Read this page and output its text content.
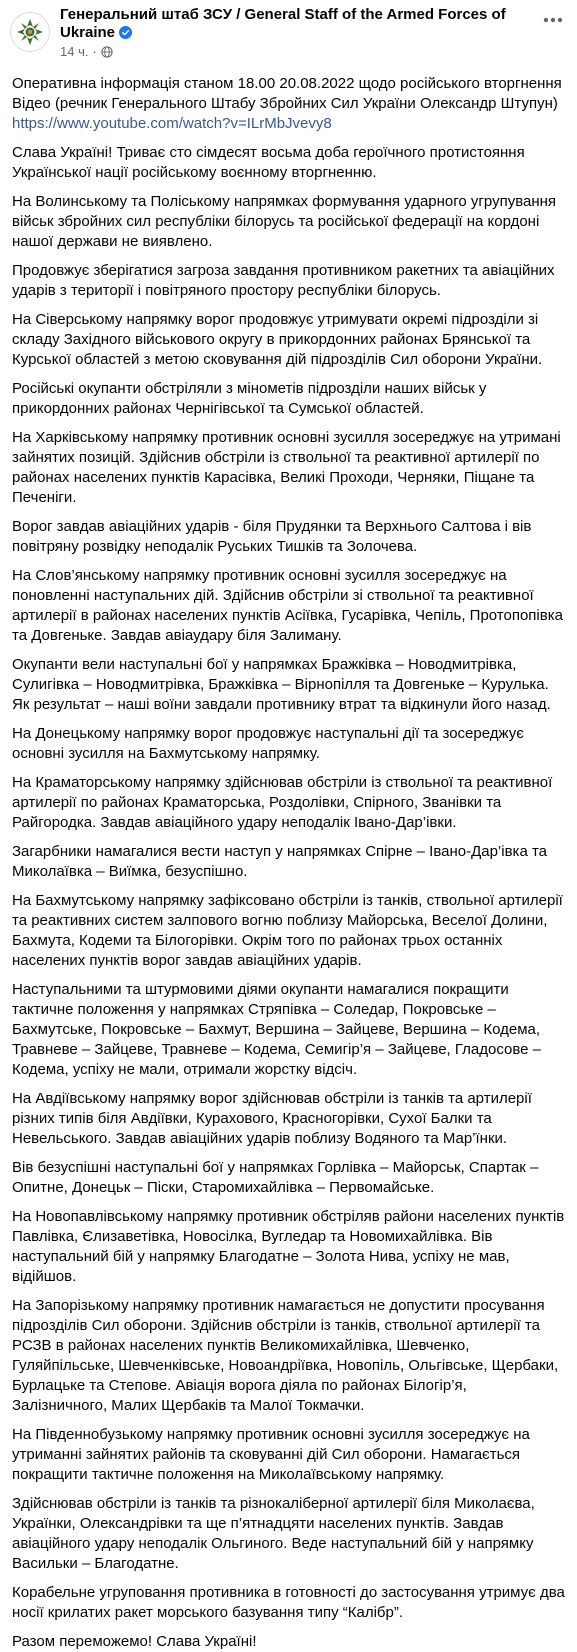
Генеральний штаб ЗСУ / General Staff of the Armed Forces of Ukraine
14 ч. ·

Оперативна інформація станом 18.00 20.08.2022 щодо російського вторгнення
Відео (речник Генерального Штабу Збройних Сил України Олександр Штупун)
https://www.youtube.com/watch?v=ILrMbJvevy8

Слава Україні! Триває сто сімдесят восьма доба героїчного протистояння Української нації російському воєнному вторгненню.

На Волинському та Поліському напрямках формування ударного угрупування військ збройних сил республіки білорусь та російської федерації на кордоні нашої держави не виявлено.

Продовжує зберігатися загроза завдання противником ракетних та авіаційних ударів з території і повітряного простору республіки білорусь.

На Сіверському напрямку ворог продовжує утримувати окремі підрозділи зі складу Західного військового округу в прикордонних районах Брянської та Курської областей з метою сковування дій підрозділів Сил оборони України.

Російські окупанти обстріляли з мінометів підрозділи наших військ у прикордонних районах Чернігівської та Сумської областей.

На Харківському напрямку противник основні зусилля зосереджує на утримані зайнятих позицій. Здійснив обстріли із ствольної та реактивної артилерії по районах населених пунктів Карасівка, Великі Проходи, Черняки, Піщане та Печеніги.

Ворог завдав авіаційних ударів - біля Прудянки та Верхнього Салтова і вів повітряну розвідку неподалік Руських Тишків та Золочева.

На Слов’янському напрямку противник основні зусилля зосереджує на поновленні наступальних дій. Здійснив обстріли зі ствольної та реактивної артилерії в районах населених пунктів Асіївка, Гусарівка, Чепіль, Протопопівка та Довгеньке. Завдав авіаудару біля Залиману.

Окупанти вели наступальні бої у напрямках Бражківка – Новодмитрівка, Сулигівка – Новодмитрівка, Бражківка – Вірнопілля та Довгеньке – Курулька. Як результат – наші воїни завдали противнику втрат та відкинули його назад.

На Донецькому напрямку ворог продовжує наступальні дії та зосереджує основні зусилля на Бахмутському напрямку.

На Краматорському напрямку здійснював обстріли із ствольної та реактивної артилерії по районах Краматорська, Роздолівки, Спірного, Званівки та Райгородка. Завдав авіаційного удару неподалік Івано-Дар’івки.

Загарбники намагалися вести наступ у напрямках Спірне – Івано-Дар’івка та Миколаївка – Виїмка, безуспішно.

На Бахмутському напрямку зафіксовано обстріли із танків, ствольної артилерії та реактивних систем залпового вогню поблизу Майорська, Веселої Долини, Бахмута, Кодеми та Білогорівки. Окрім того по районах трьох останніх населених пунктів ворог завдав авіаційних ударів.

Наступальними та штурмовими діями окупанти намагалися покращити тактичне положення у напрямках Стряпівка – Соледар, Покровське – Бахмутське, Покровське – Бахмут, Вершина – Зайцеве, Вершина – Кодема, Травневе – Зайцеве, Травневе – Кодема, Семигір’я – Зайцеве, Гладосове – Кодема, успіху не мали, отримали жорстку відсіч.

На Авдіївському напрямку ворог здійснював обстріли із танків та артилерії різних типів біля Авдіївки, Курахового, Красногорівки, Сухої Балки та Невельського. Завдав авіаційних ударів поблизу Водяного та Мар’їнки.

Вів безуспішні наступальні бої у напрямках Горлівка – Майорськ, Спартак – Опитне, Донецьк – Піски, Старомихайлівка – Первомайське.

На Новопавлівському напрямку противник обстріляв райони населених пунктів Павлівка, Єлизаветівка, Новосілка, Вугледар та Новомихайлівка. Вів наступальний бій у напрямку Благодатне – Золота Нива, успіху не мав, відійшов.

На Запорізькому напрямку противник намагається не допустити просування підрозділів Сил оборони. Здійснив обстріли із танків, ствольної артилерії та РСЗВ в районах населених пунктів Великомихайлівка, Шевченко, Гуляйпільське, Шевченківське, Новоандріївка, Новопіль, Ольгівське, Щербаки, Бурлацьке та Степове. Авіація ворога діяла по районах Білогір’я, Залізничного, Малих Щербаків та Малої Токмачки.

На Південнобузькому напрямку противник основні зусилля зосереджує на утриманні зайнятих районів та сковуванні дій Сил оборони. Намагається покращити тактичне положення на Миколаївському напрямку.

Здійснював обстріли із танків та різнокаліберної артилерії біля Миколаєва, Українки, Олександрівки та ще п’ятнадцяти населених пунктів. Завдав авіаційного удару неподалік Ольгиного. Веде наступальний бій у напрямку Васильки – Благодатне.

Корабельне угруповання противника в готовності до застосування утримує два носії крилатих ракет морського базування типу “Калібр”.

Разом переможемо! Слава Україні!
